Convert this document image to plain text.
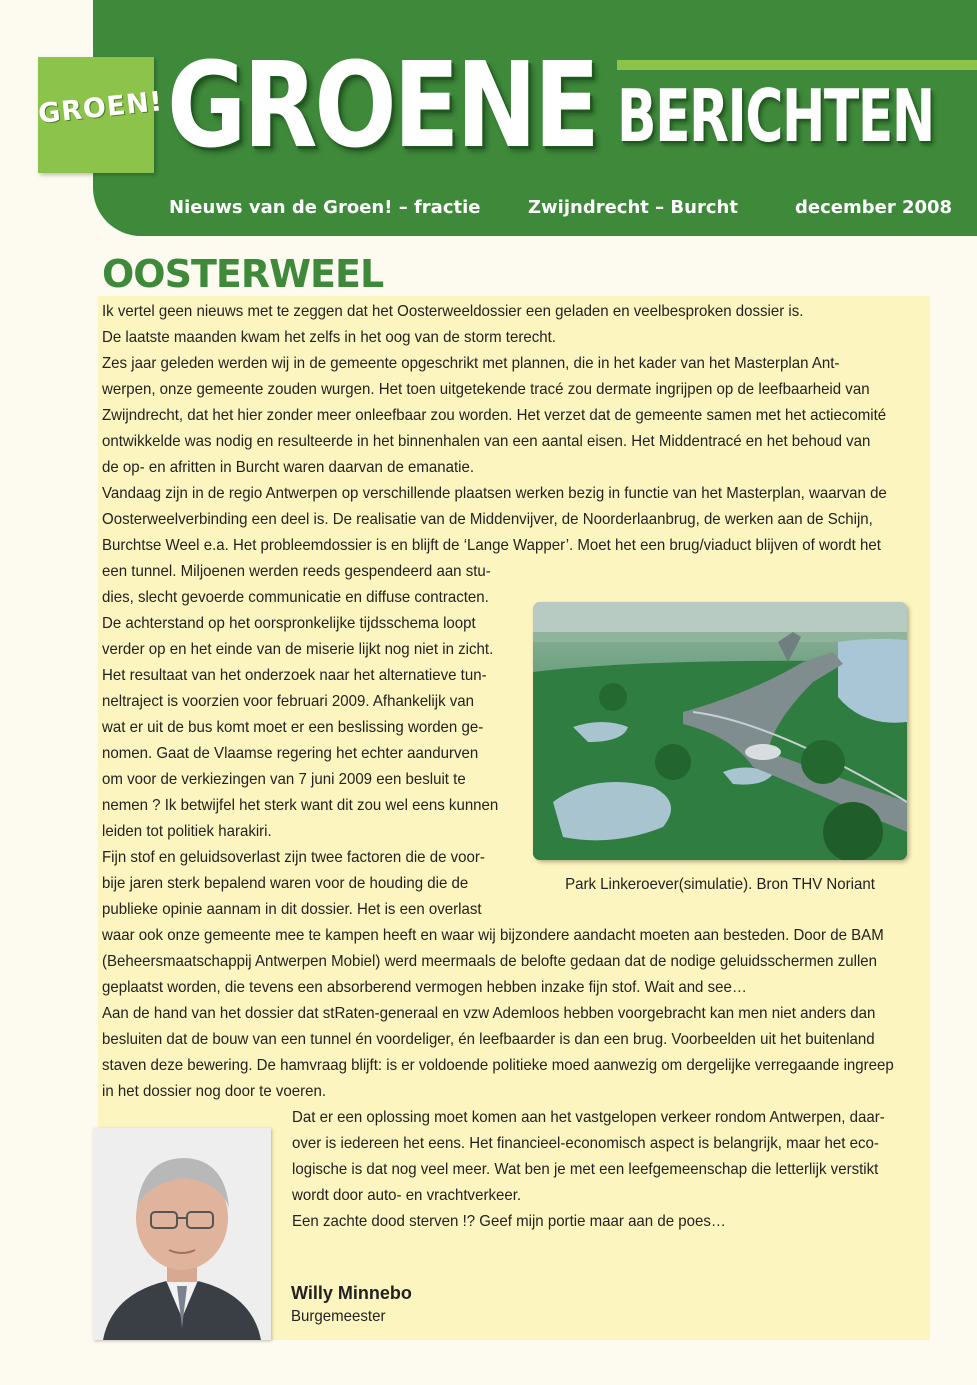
GROEN! GROENE BERICHTEN
Nieuws van de Groen! – fractie	Zwijndrecht – Burcht	december 2008
OOSTERWEEL
Ik vertel geen nieuws met te zeggen dat het Oosterweeldossier een geladen en veelbesproken dossier is.
De laatste maanden kwam het zelfs in het oog van de storm terecht.
Zes jaar geleden werden wij in de gemeente opgeschrikt met plannen, die in het kader van het Masterplan Ant-
werpen, onze gemeente zouden wurgen. Het toen uitgetekende tracé zou dermate ingrijpen op de leefbaarheid van
Zwijndrecht, dat het hier zonder meer onleefbaar zou worden. Het verzet dat de gemeente samen met het actiecomité
ontwikkelde was nodig en resulteerde in het binnenhalen van een aantal eisen. Het Middentracé en het behoud van
de op- en afritten in Burcht waren daarvan de emanatie.
Vandaag zijn in de regio Antwerpen op verschillende plaatsen werken bezig in functie van het Masterplan, waarvan de
Oosterweelverbinding een deel is. De realisatie van de Middenvijver, de Noorderlaanbrug, de werken aan de Schijn,
Burchtse Weel e.a. Het probleemdossier is en blijft de ‘Lange Wapper’. Moet het een brug/viaduct blijven of wordt het
een tunnel. Miljoenen werden reeds gespendeerd aan stu-
dies, slecht gevoerde communicatie en diffuse contracten.
De achterstand op het oorspronkelijke tijdsschema loopt
verder op en het einde van de miserie lijkt nog niet in zicht.
Het resultaat van het onderzoek naar het alternatieve tun-
neltraject is voorzien voor februari 2009. Afhankelijk van
wat er uit de bus komt moet er een beslissing worden ge-
nomen. Gaat de Vlaamse regering het echter aandurven
om voor de verkiezingen van 7 juni 2009 een besluit te
nemen ? Ik betwijfel het sterk want dit zou wel eens kunnen
leiden tot politiek harakiri.
Fijn stof en geluidsoverlast zijn twee factoren die de voor-
bije jaren sterk bepalend waren voor de houding die de
publieke opinie aannam in dit dossier. Het is een overlast
waar ook onze gemeente mee te kampen heeft en waar wij bijzondere aandacht moeten aan besteden. Door de BAM
(Beheersmaatschappij Antwerpen Mobiel) werd meermaals de belofte gedaan dat de nodige geluidsschermen zullen
geplaatst worden, die tevens een absorberend vermogen hebben inzake fijn stof. Wait and see…
Aan de hand van het dossier dat stRaten-generaal en vzw Ademloos hebben voorgebracht kan men niet anders dan
besluiten dat de bouw van een tunnel én voordeliger, én leefbaarder is dan een brug. Voorbeelden uit het buitenland
staven deze bewering. De hamvraag blijft: is er voldoende politieke moed aanwezig om dergelijke verregaande ingreep
in het dossier nog door te voeren.
Dat er een oplossing moet komen aan het vastgelopen verkeer rondom Antwerpen, daar-
over is iedereen het eens. Het financieel-economisch aspect is belangrijk, maar het eco-
logische is dat nog veel meer. Wat ben je met een leefgemeenschap die letterlijk verstikt
wordt door auto- en vrachtverkeer.
Een zachte dood sterven !? Geef mijn portie maar aan de poes…
Park Linkeroever(simulatie). Bron THV Noriant
Willy Minnebo
Burgemeester
